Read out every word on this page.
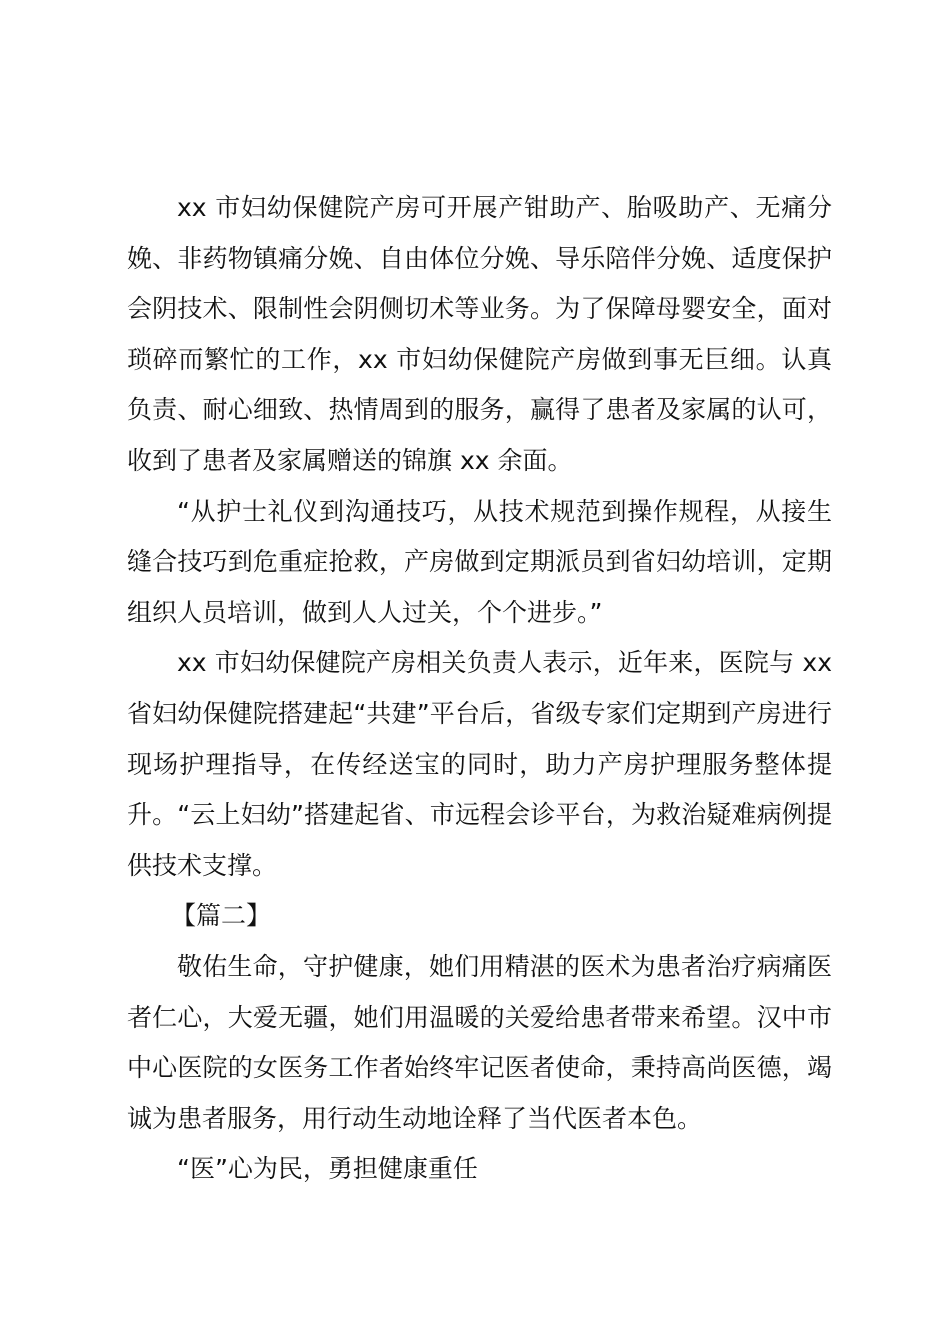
xx 市妇幼保健院产房可开展产钳助产、胎吸助产、无痛分娩、非药物镇痛分娩、自由体位分娩、导乐陪伴分娩、适度保护会阴技术、限制性会阴侧切术等业务。为了保障母婴安全，面对琐碎而繁忙的工作，xx 市妇幼保健院产房做到事无巨细。认真负责、耐心细致、热情周到的服务，赢得了患者及家属的认可，收到了患者及家属赠送的锦旗 xx 余面。

“从护士礼仪到沟通技巧，从技术规范到操作规程，从接生缝合技巧到危重症抢救，产房做到定期派员到省妇幼培训，定期组织人员培训，做到人人过关，个个进步。”

xx 市妇幼保健院产房相关负责人表示，近年来，医院与 xx 省妇幼保健院搭建起“共建”平台后，省级专家们定期到产房进行现场护理指导，在传经送宝的同时，助力产房护理服务整体提升。“云上妇幼”搭建起省、市远程会诊平台，为救治疑难病例提供技术支撑。

【篇二】

敬佑生命，守护健康，她们用精湛的医术为患者治疗病痛医者仁心，大爱无疆，她们用温暖的关爱给患者带来希望。汉中市中心医院的女医务工作者始终牢记医者使命，秉持高尚医德，竭诚为患者服务，用行动生动地诠释了当代医者本色。

“医”心为民，勇担健康重任
